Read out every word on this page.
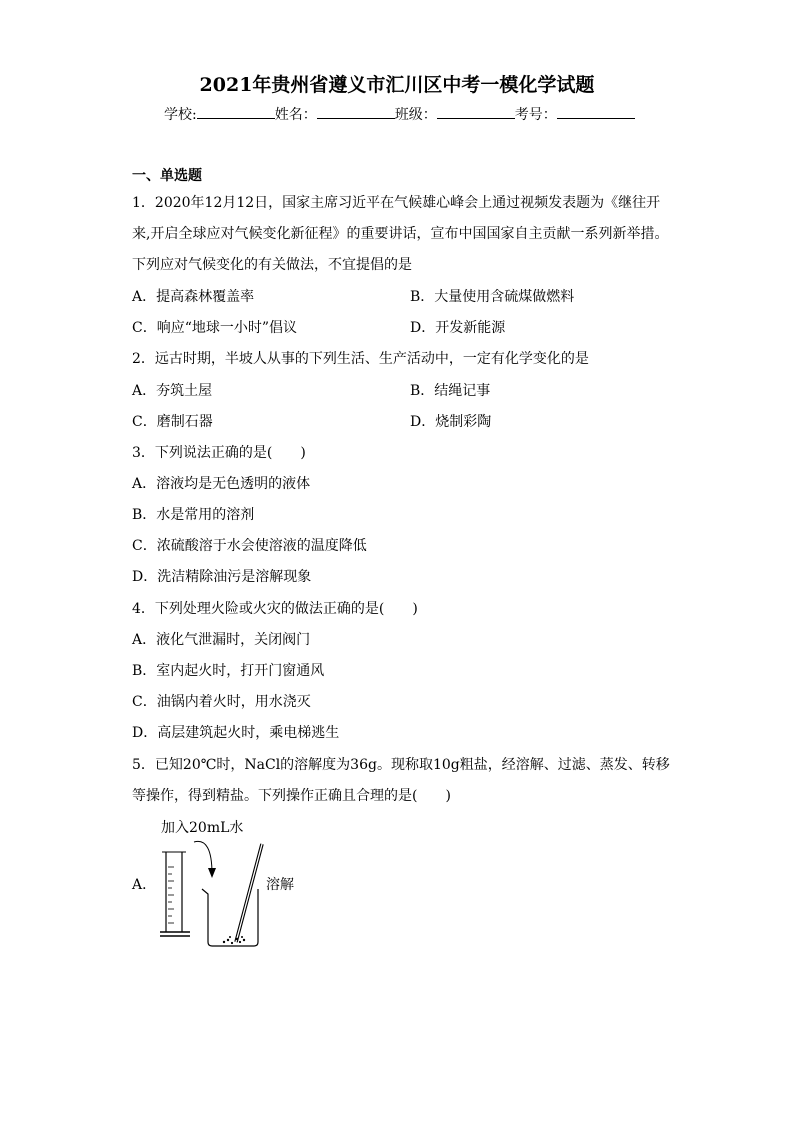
2021年贵州省遵义市汇川区中考一模化学试题
学校:	姓名：	班级：	考号：
一、单选题
1．2020年12月12日，国家主席习近平在气候雄心峰会上通过视频发表题为《继往开
来,开启全球应对气候变化新征程》的重要讲话，宣布中国国家自主贡献一系列新举措。
下列应对气候变化的有关做法，不宜提倡的是
A．提高森林覆盖率	B．大量使用含硫煤做燃料
C．响应“地球一小时”倡议	D．开发新能源
2．远古时期，半坡人从事的下列生活、生产活动中，一定有化学变化的是
A．夯筑土屋	B．结绳记事
C．磨制石器	D．烧制彩陶
3．下列说法正确的是(　　)
A．溶液均是无色透明的液体
B．水是常用的溶剂
C．浓硫酸溶于水会使溶液的温度降低
D．洗洁精除油污是溶解现象
4．下列处理火险或火灾的做法正确的是(　　)
A．液化气泄漏时，关闭阀门
B．室内起火时，打开门窗通风
C．油锅内着火时，用水浇灭
D．高层建筑起火时，乘电梯逃生
5．已知20℃时，NaCl的溶解度为36g。现称取10g粗盐，经溶解、过滤、蒸发、转移
等操作，得到精盐。下列操作正确且合理的是(　　)
加入20mL水
A．	溶解
